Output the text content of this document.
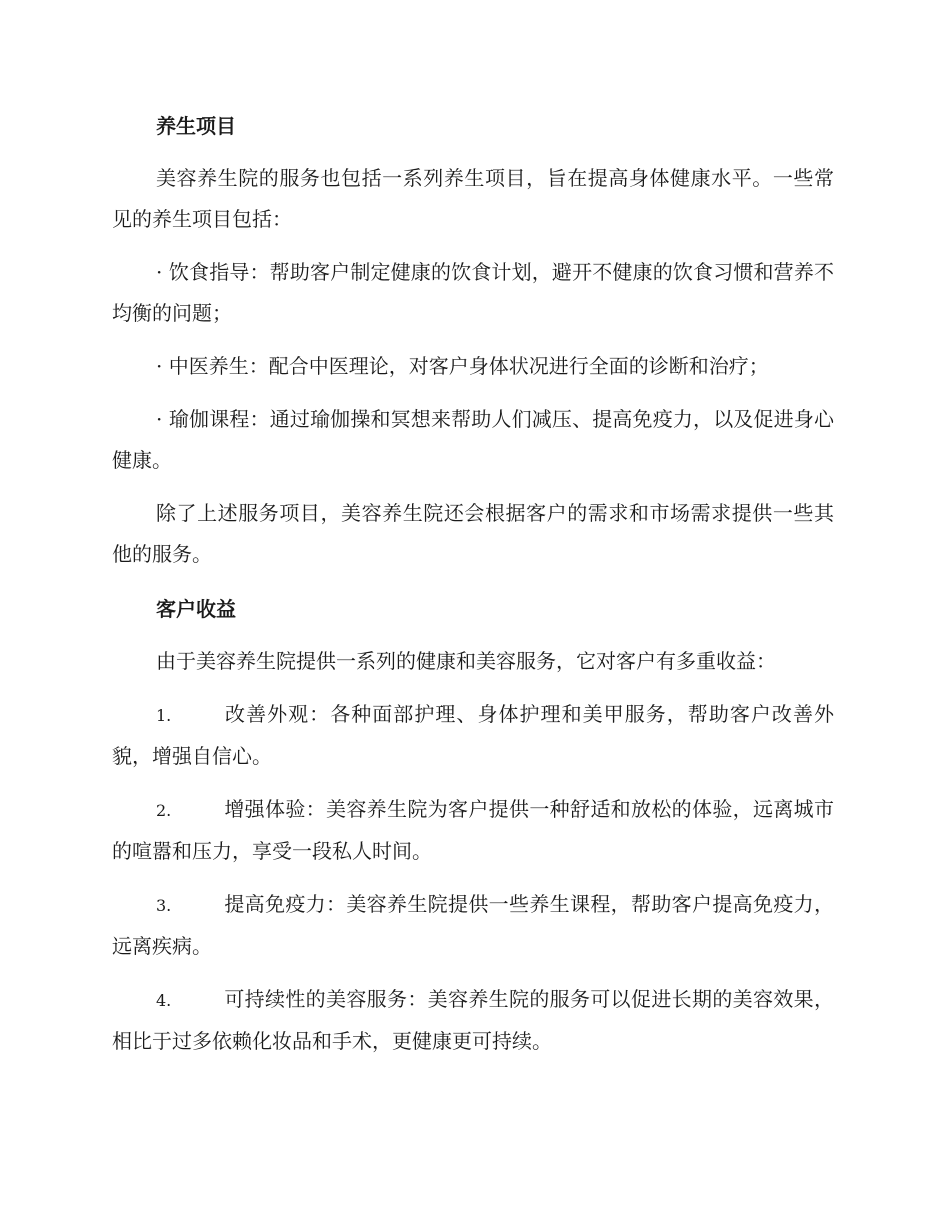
养生项目

美容养生院的服务也包括一系列养生项目，旨在提高身体健康水平。一些常见的养生项目包括：

· 饮食指导：帮助客户制定健康的饮食计划，避开不健康的饮食习惯和营养不均衡的问题；

· 中医养生：配合中医理论，对客户身体状况进行全面的诊断和治疗；

· 瑜伽课程：通过瑜伽操和冥想来帮助人们减压、提高免疫力，以及促进身心健康。

除了上述服务项目，美容养生院还会根据客户的需求和市场需求提供一些其他的服务。

客户收益

由于美容养生院提供一系列的健康和美容服务，它对客户有多重收益：

1.	改善外观：各种面部护理、身体护理和美甲服务，帮助客户改善外貌，增强自信心。

2.	增强体验：美容养生院为客户提供一种舒适和放松的体验，远离城市的喧嚣和压力，享受一段私人时间。

3.	提高免疫力：美容养生院提供一些养生课程，帮助客户提高免疫力，远离疾病。

4.	可持续性的美容服务：美容养生院的服务可以促进长期的美容效果，相比于过多依赖化妆品和手术，更健康更可持续。
